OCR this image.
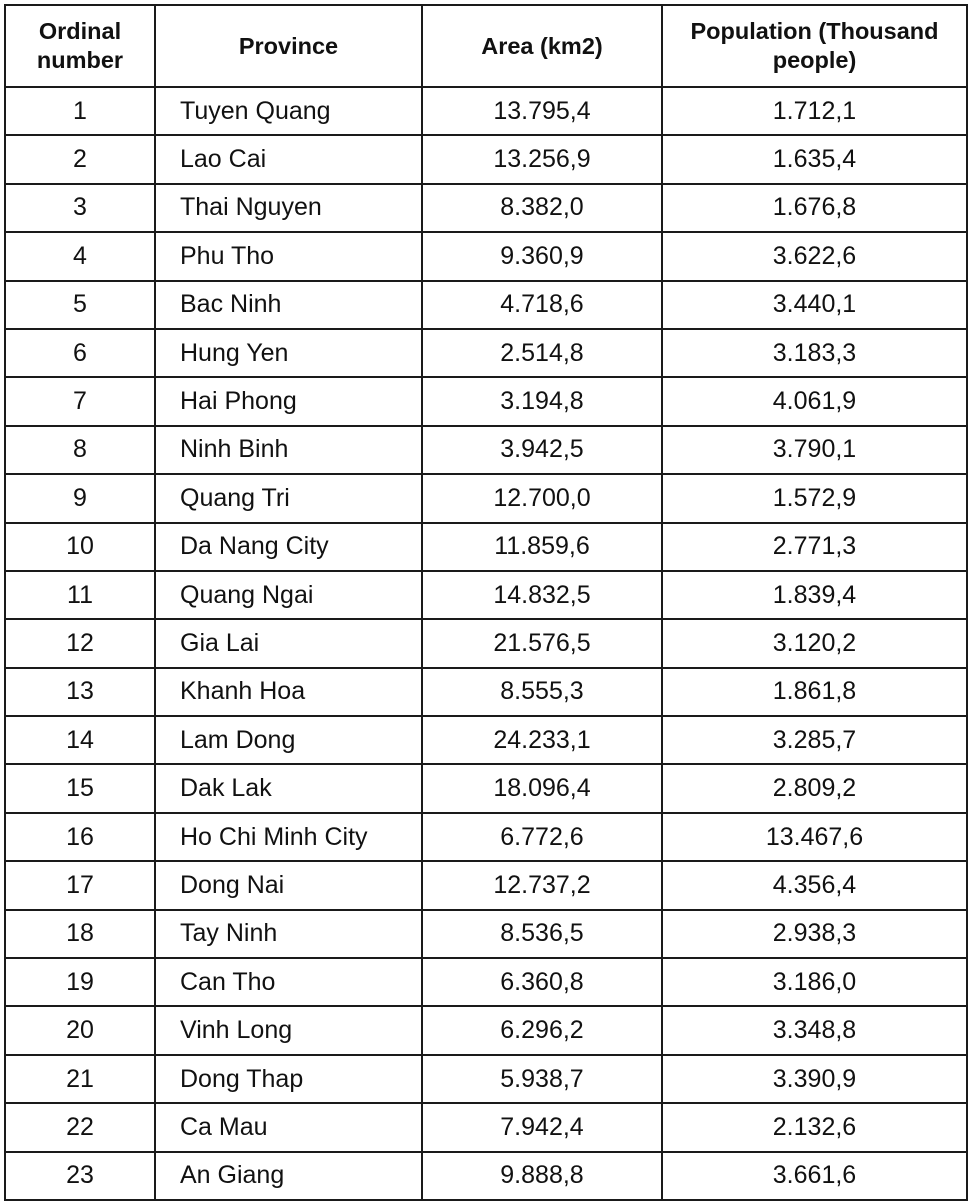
Ordinal
number	Province	Area (km2)	Population (Thousand
people)
1	Tuyen Quang	13.795,4	1.712,1
2	Lao Cai	13.256,9	1.635,4
3	Thai Nguyen	8.382,0	1.676,8
4	Phu Tho	9.360,9	3.622,6
5	Bac Ninh	4.718,6	3.440,1
6	Hung Yen	2.514,8	3.183,3
7	Hai Phong	3.194,8	4.061,9
8	Ninh Binh	3.942,5	3.790,1
9	Quang Tri	12.700,0	1.572,9
10	Da Nang City	11.859,6	2.771,3
11	Quang Ngai	14.832,5	1.839,4
12	Gia Lai	21.576,5	3.120,2
13	Khanh Hoa	8.555,3	1.861,8
14	Lam Dong	24.233,1	3.285,7
15	Dak Lak	18.096,4	2.809,2
16	Ho Chi Minh City	6.772,6	13.467,6
17	Dong Nai	12.737,2	4.356,4
18	Tay Ninh	8.536,5	2.938,3
19	Can Tho	6.360,8	3.186,0
20	Vinh Long	6.296,2	3.348,8
21	Dong Thap	5.938,7	3.390,9
22	Ca Mau	7.942,4	2.132,6
23	An Giang	9.888,8	3.661,6
